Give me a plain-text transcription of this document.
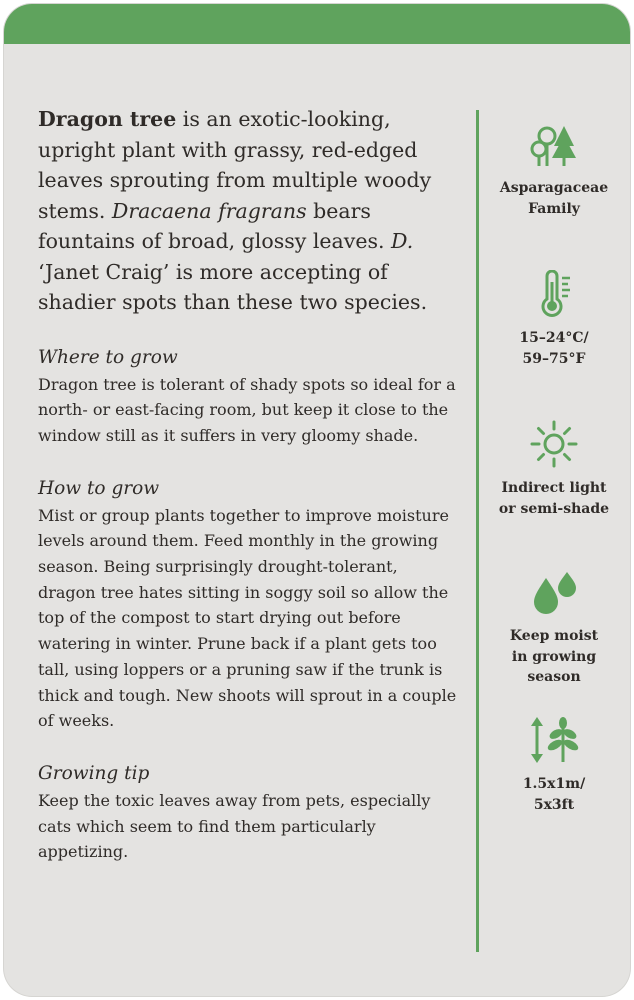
Dragon tree is an exotic-looking, upright plant with grassy, red-edged leaves sprouting from multiple woody stems. Dracaena fragrans bears fountains of broad, glossy leaves. D. ‘Janet Craig’ is more accepting of shadier spots than these two species.

Where to grow

Dragon tree is tolerant of shady spots so ideal for a north- or east-facing room, but keep it close to the window still as it suffers in very gloomy shade.

How to grow

Mist or group plants together to improve moisture levels around them. Feed monthly in the growing season. Being surprisingly drought-tolerant, dragon tree hates sitting in soggy soil so allow the top of the compost to start drying out before watering in winter. Prune back if a plant gets too tall, using loppers or a pruning saw if the trunk is thick and tough. New shoots will sprout in a couple of weeks.

Growing tip

Keep the toxic leaves away from pets, especially cats which seem to find them particularly appetizing.

Asparagaceae
Family
15–24°C/
59–75°F
Indirect light
or semi-shade
Keep moist
in growing
season
1.5x1m/
5x3ft
